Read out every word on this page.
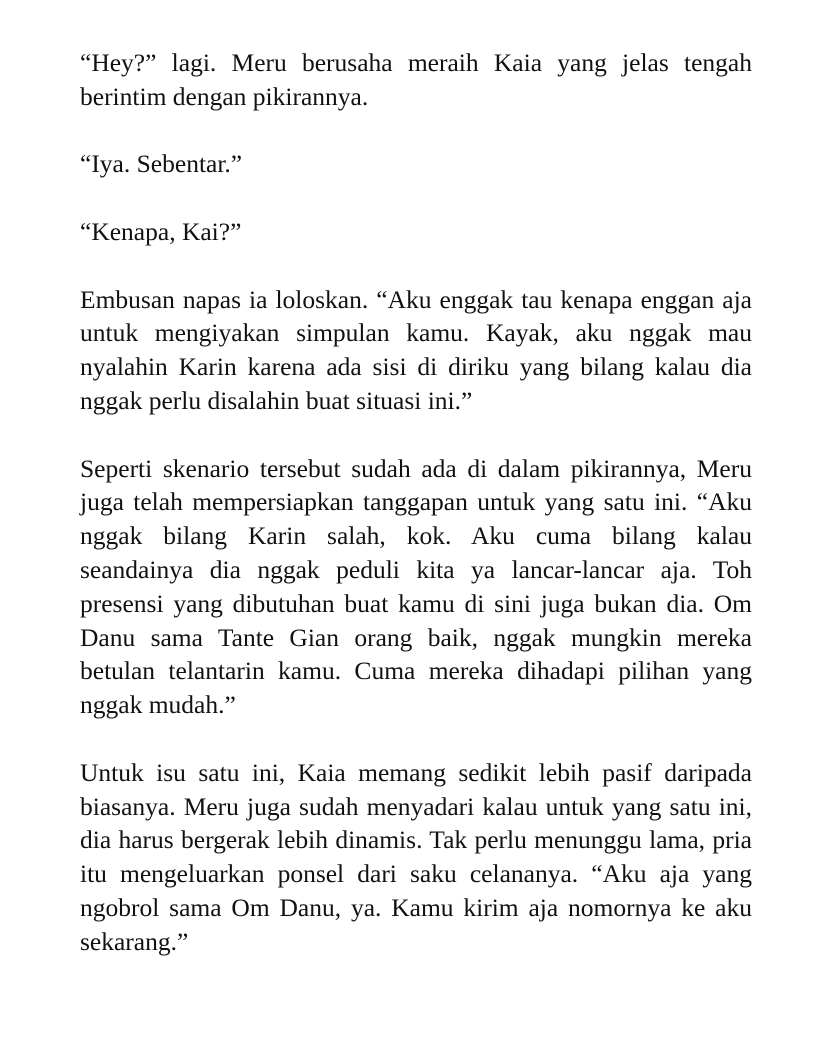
“Hey?” lagi. Meru berusaha meraih Kaia yang jelas tengah berintim dengan pikirannya.

“Iya. Sebentar.”

“Kenapa, Kai?”

Embusan napas ia loloskan. “Aku enggak tau kenapa enggan aja untuk mengiyakan simpulan kamu. Kayak, aku nggak mau nyalahin Karin karena ada sisi di diriku yang bilang kalau dia nggak perlu disalahin buat situasi ini.”

Seperti skenario tersebut sudah ada di dalam pikirannya, Meru juga telah mempersiapkan tanggapan untuk yang satu ini. “Aku nggak bilang Karin salah, kok. Aku cuma bilang kalau seandainya dia nggak peduli kita ya lancar-lancar aja. Toh presensi yang dibutuhan buat kamu di sini juga bukan dia. Om Danu sama Tante Gian orang baik, nggak mungkin mereka betulan telantarin kamu. Cuma mereka dihadapi pilihan yang nggak mudah.”

Untuk isu satu ini, Kaia memang sedikit lebih pasif daripada biasanya. Meru juga sudah menyadari kalau untuk yang satu ini, dia harus bergerak lebih dinamis. Tak perlu menunggu lama, pria itu mengeluarkan ponsel dari saku celananya. “Aku aja yang ngobrol sama Om Danu, ya. Kamu kirim aja nomornya ke aku sekarang.”
